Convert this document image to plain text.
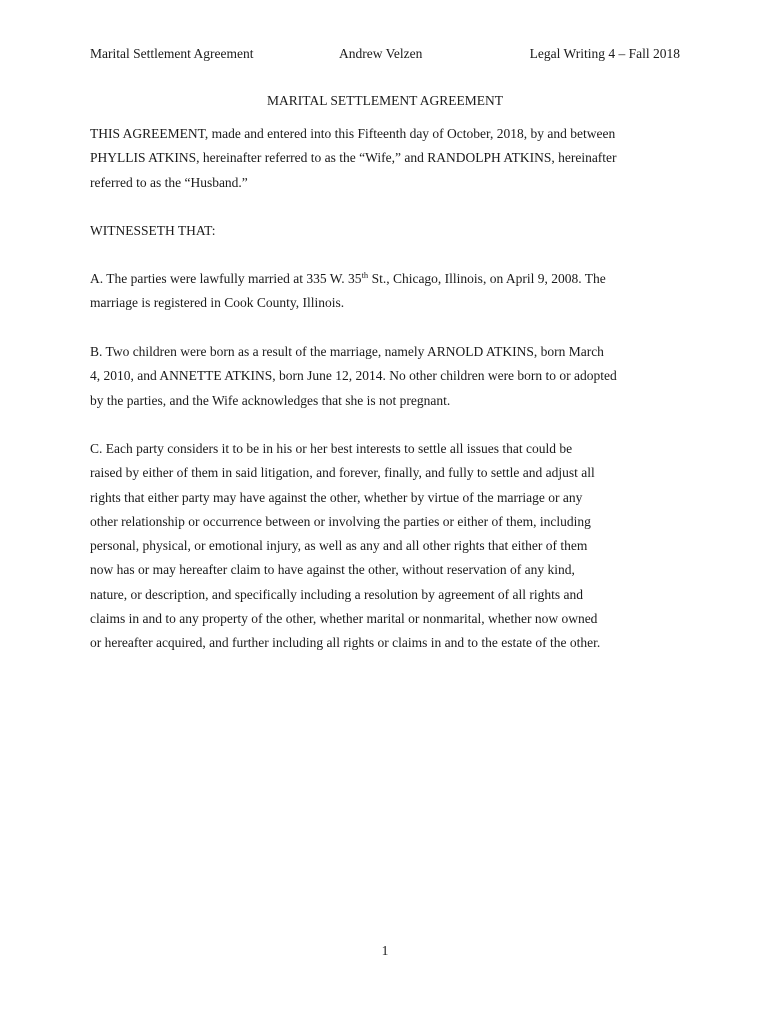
Marital Settlement Agreement	Andrew Velzen	Legal Writing 4 – Fall 2018
MARITAL SETTLEMENT AGREEMENT

THIS AGREEMENT, made and entered into this Fifteenth day of October, 2018, by and between
PHYLLIS ATKINS, hereinafter referred to as the “Wife,” and RANDOLPH ATKINS, hereinafter
referred to as the “Husband.”

WITNESSETH THAT:

A. The parties were lawfully married at 335 W. 35th St., Chicago, Illinois, on April 9, 2008. The
marriage is registered in Cook County, Illinois.

B. Two children were born as a result of the marriage, namely ARNOLD ATKINS, born March
4, 2010, and ANNETTE ATKINS, born June 12, 2014. No other children were born to or adopted
by the parties, and the Wife acknowledges that she is not pregnant.

C. Each party considers it to be in his or her best interests to settle all issues that could be
raised by either of them in said litigation, and forever, finally, and fully to settle and adjust all
rights that either party may have against the other, whether by virtue of the marriage or any
other relationship or occurrence between or involving the parties or either of them, including
personal, physical, or emotional injury, as well as any and all other rights that either of them
now has or may hereafter claim to have against the other, without reservation of any kind,
nature, or description, and specifically including a resolution by agreement of all rights and
claims in and to any property of the other, whether marital or nonmarital, whether now owned
or hereafter acquired, and further including all rights or claims in and to the estate of the other.

1
